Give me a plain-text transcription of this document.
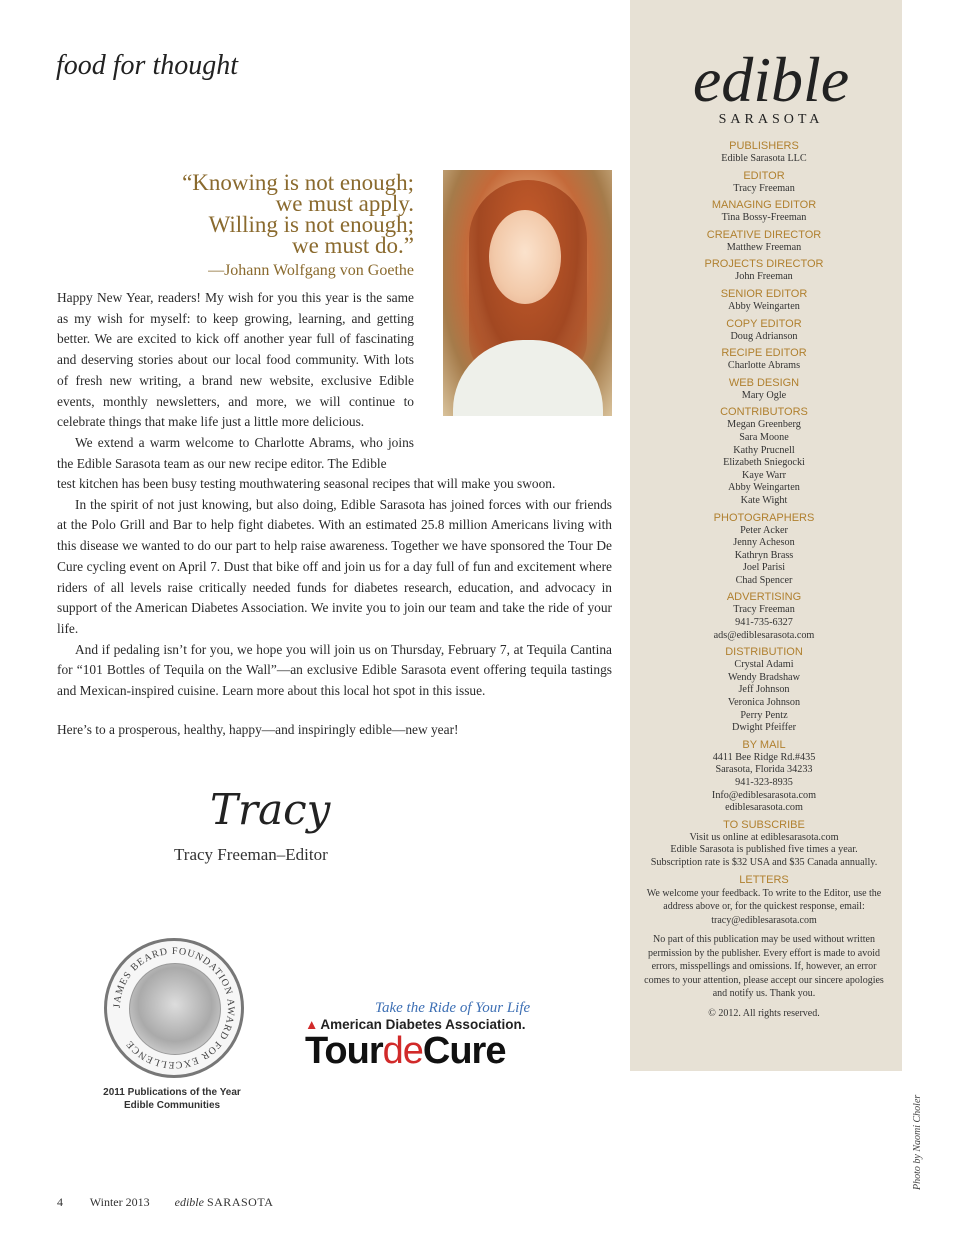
food for thought
“Knowing is not enough;
we must apply.
Willing is not enough;
we must do.”
—Johann Wolfgang von Goethe

Happy New Year, readers! My wish for you this year is the same as my wish for myself: to keep growing, learning, and getting better. We are excited to kick off another year full of fascinating and deserving stories about our local food community. With lots of fresh new writing, a brand new website, exclusive Edible events, monthly newsletters, and more, we will continue to celebrate things that make life just a little more delicious.

We extend a warm welcome to Charlotte Abrams, who joins the Edible Sarasota team as our new recipe editor. The Edible

test kitchen has been busy testing mouthwatering seasonal recipes that will make you swoon.

In the spirit of not just knowing, but also doing, Edible Sarasota has joined forces with our friends at the Polo Grill and Bar to help fight diabetes. With an estimated 25.8 million Americans living with this disease we wanted to do our part to help raise awareness. Together we have sponsored the Tour De Cure cycling event on April 7. Dust that bike off and join us for a day full of fun and excitement where riders of all levels raise critically needed funds for diabetes research, education, and advocacy in support of the American Diabetes Association. We invite you to join our team and take the ride of your life.

And if pedaling isn’t for you, we hope you will join us on Thursday, February 7, at Tequila Cantina for “101 Bottles of Tequila on the Wall”—an exclusive Edible Sarasota event offering tequila tastings and Mexican-inspired cuisine. Learn more about this local hot spot in this issue.

Here’s to a prosperous, healthy, happy—and inspiringly edible—new year!
Tracy
Tracy Freeman–Editor
JAMES BEARD FOUNDATION AWARD FOR EXCELLENCE
2011 Publications of the Year
Edible Communities
Take the Ride of Your Life
▲ American Diabetes Association.
TourdeCure
4 Winter 2013 edible SARASOTA
edible
SARASOTA
PUBLISHERS
Edible Sarasota LLC
EDITOR
Tracy Freeman
MANAGING EDITOR
Tina Bossy-Freeman
CREATIVE DIRECTOR
Matthew Freeman
PROJECTS DIRECTOR
John Freeman
SENIOR EDITOR
Abby Weingarten
COPY EDITOR
Doug Adrianson
RECIPE EDITOR
Charlotte Abrams
WEB DESIGN
Mary Ogle
CONTRIBUTORS
Megan Greenberg
Sara Moone
Kathy Prucnell
Elizabeth Sniegocki
Kaye Warr
Abby Weingarten
Kate Wight
PHOTOGRAPHERS
Peter Acker
Jenny Acheson
Kathryn Brass
Joel Parisi
Chad Spencer
ADVERTISING
Tracy Freeman
941-735-6327
ads@ediblesarasota.com
DISTRIBUTION
Crystal Adami
Wendy Bradshaw
Jeff Johnson
Veronica Johnson
Perry Pentz
Dwight Pfeiffer
BY MAIL
4411 Bee Ridge Rd.#435
Sarasota, Florida 34233
941-323-8935
Info@ediblesarasota.com
ediblesarasota.com
TO SUBSCRIBE
Visit us online at ediblesarasota.com
Edible Sarasota is published five times a year.
Subscription rate is $32 USA and $35 Canada annually.
LETTERS
We welcome your feedback. To write to the Editor, use the address above or, for the quickest response, email: tracy@ediblesarasota.com
No part of this publication may be used without written permission by the publisher. Every effort is made to avoid errors, misspellings and omissions. If, however, an error comes to your attention, please accept our sincere apologies and notify us. Thank you.
© 2012. All rights reserved.
Photo by Naomi Choler
